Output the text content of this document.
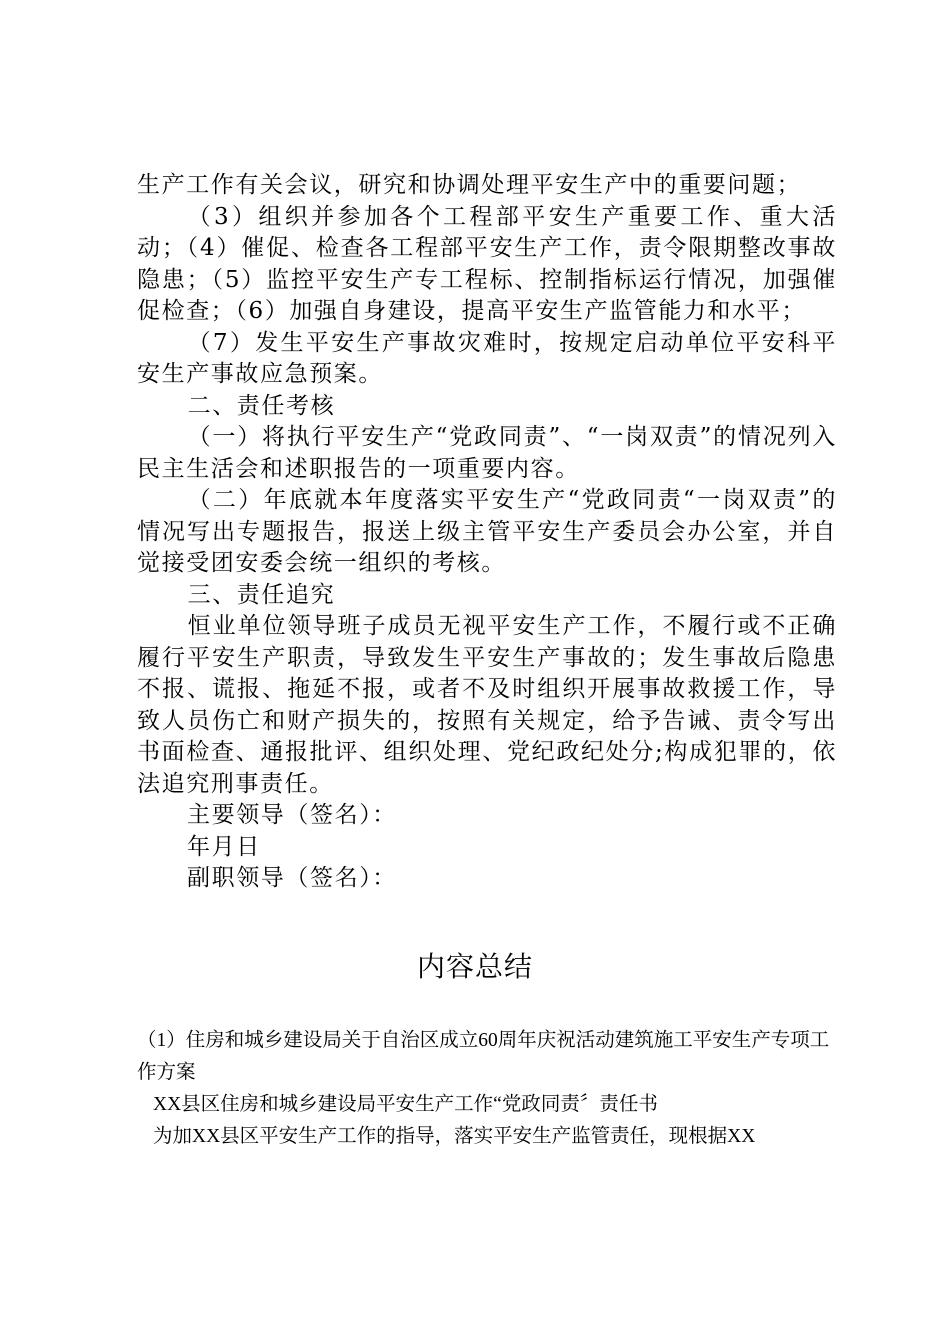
生产工作有关会议，研究和协调处理平安生产中的重要问题；

（3）组织并参加各个工程部平安生产重要工作、重大活动；（4）催促、检查各工程部平安生产工作，责令限期整改事故隐患；（5）监控平安生产专工程标、控制指标运行情况，加强催促检查；（6）加强自身建设，提高平安生产监管能力和水平；

（7）发生平安生产事故灾难时，按规定启动单位平安科平安生产事故应急预案。

二、责任考核

（一）将执行平安生产“党政同责”、“一岗双责”的情况列入民主生活会和述职报告的一项重要内容。

（二）年底就本年度落实平安生产“党政同责“一岗双责”的情况写出专题报告，报送上级主管平安生产委员会办公室，并自觉接受团安委会统一组织的考核。

三、责任追究

恒业单位领导班子成员无视平安生产工作，不履行或不正确履行平安生产职责，导致发生平安生产事故的；发生事故后隐患不报、谎报、拖延不报，或者不及时组织开展事故救援工作，导致人员伤亡和财产损失的，按照有关规定，给予告诫、责令写出书面检查、通报批评、组织处理、党纪政纪处分;构成犯罪的，依法追究刑事责任。

主要领导（签名）：

年月日

副职领导（签名）：

内容总结

（1）住房和城乡建设局关于自治区成立60周年庆祝活动建筑施工平安生产专项工作方案

XX县区住房和城乡建设局平安生产工作“党政同责〞责任书

为加XX县区平安生产工作的指导，落实平安生产监管责任，现根据XX
